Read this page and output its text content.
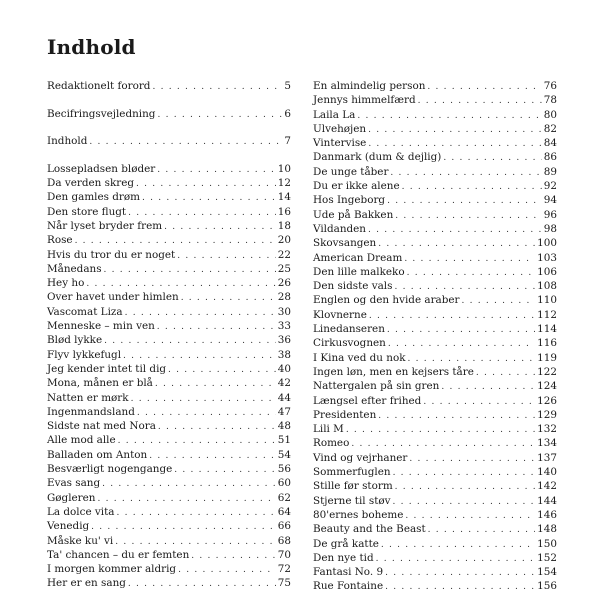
Indhold
Redaktionelt forord . . .	5
Becifringsvejledning . . .	6
Indhold . . .	7
Lossepladsen bløder . . .	10
Da verden skreg . . .	12
Den gamles drøm . . .	14
Den store flugt . . .	16
Når lyset bryder frem . . .	18
Rose . . .	20
Hvis du tror du er noget . . .	22
Månedans . . .	25
Hey ho . . .	26
Over havet under himlen . . .	28
Vascomat Liza . . .	30
Menneske – min ven . . .	33
Blød lykke . . .	36
Flyv lykkefugl . . .	38
Jeg kender intet til dig . . .	40
Mona, månen er blå . . .	42
Natten er mørk . . .	44
Ingenmandsland . . .	47
Sidste nat med Nora . . .	48
Alle mod alle . . .	51
Balladen om Anton . . .	54
Besværligt nogengange . . .	56
Evas sang . . .	60
Gøgleren . . .	62
La dolce vita . . .	64
Venedig . . .	66
Måske ku' vi . . .	68
Ta' chancen – du er femten . . .	70
I morgen kommer aldrig . . .	72
Her er en sang . . .	75
En almindelig person . . .	76
Jennys himmelfærd . . .	78
Laila La . . .	80
Ulvehøjen . . .	82
Vintervise . . .	84
Danmark (dum & dejlig) . . .	86
De unge tåber . . .	89
Du er ikke alene . . .	92
Hos Ingeborg . . .	94
Ude på Bakken . . .	96
Vildanden . . .	98
Skovsangen . . .	100
American Dream . . .	103
Den lille malkeko . . .	106
Den sidste vals . . .	108
Englen og den hvide araber . . .	110
Klovnerne . . .	112
Linedanseren . . .	114
Cirkusvognen . . .	116
I Kina ved du nok . . .	119
Ingen løn, men en kejsers tåre . . .	122
Nattergalen på sin gren . . .	124
Længsel efter frihed . . .	126
Presidenten . . .	129
Lili M . . .	132
Romeo . . .	134
Vind og vejrhaner . . .	137
Sommerfuglen . . .	140
Stille før storm . . .	142
Stjerne til støv . . .	144
80'ernes boheme . . .	146
Beauty and the Beast . . .	148
De grå katte . . .	150
Den nye tid . . .	152
Fantasi No. 9 . . .	154
Rue Fontaine . . .	156
